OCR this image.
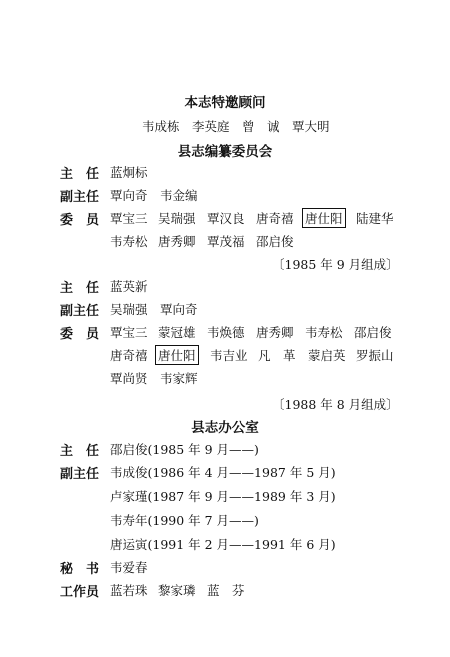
本志特邀顾问
韦成栋　李英庭　曾　诚　覃大明
县志编纂委员会
主　任 蓝炯标
副主任 覃向奇 韦金编
委　员 覃宝三 吴瑞强 覃汉良 唐奇禧 唐仕阳 陆建华
韦寿松 唐秀卿 覃茂福 邵启俊
〔1985 年 9 月组成〕
主　任 蓝英新
副主任 吴瑞强 覃向奇
委　员 覃宝三 蒙冠雄 韦焕德 唐秀卿 韦寿松 邵启俊
唐奇禧 唐仕阳 韦吉业 凡　革 蒙启英 罗振山
覃尚贤 韦家辉
〔1988 年 8 月组成〕
县志办公室
主　任 邵启俊(1985 年 9 月——)
副主任 韦成俊(1986 年 4 月——1987 年 5 月)
卢家瑾(1987 年 9 月——1989 年 3 月)
韦寿年(1990 年 7 月——)
唐运寅(1991 年 2 月——1991 年 6 月)
秘　书 韦爱春
工作员 蓝若珠 黎家璘 蓝　芬
